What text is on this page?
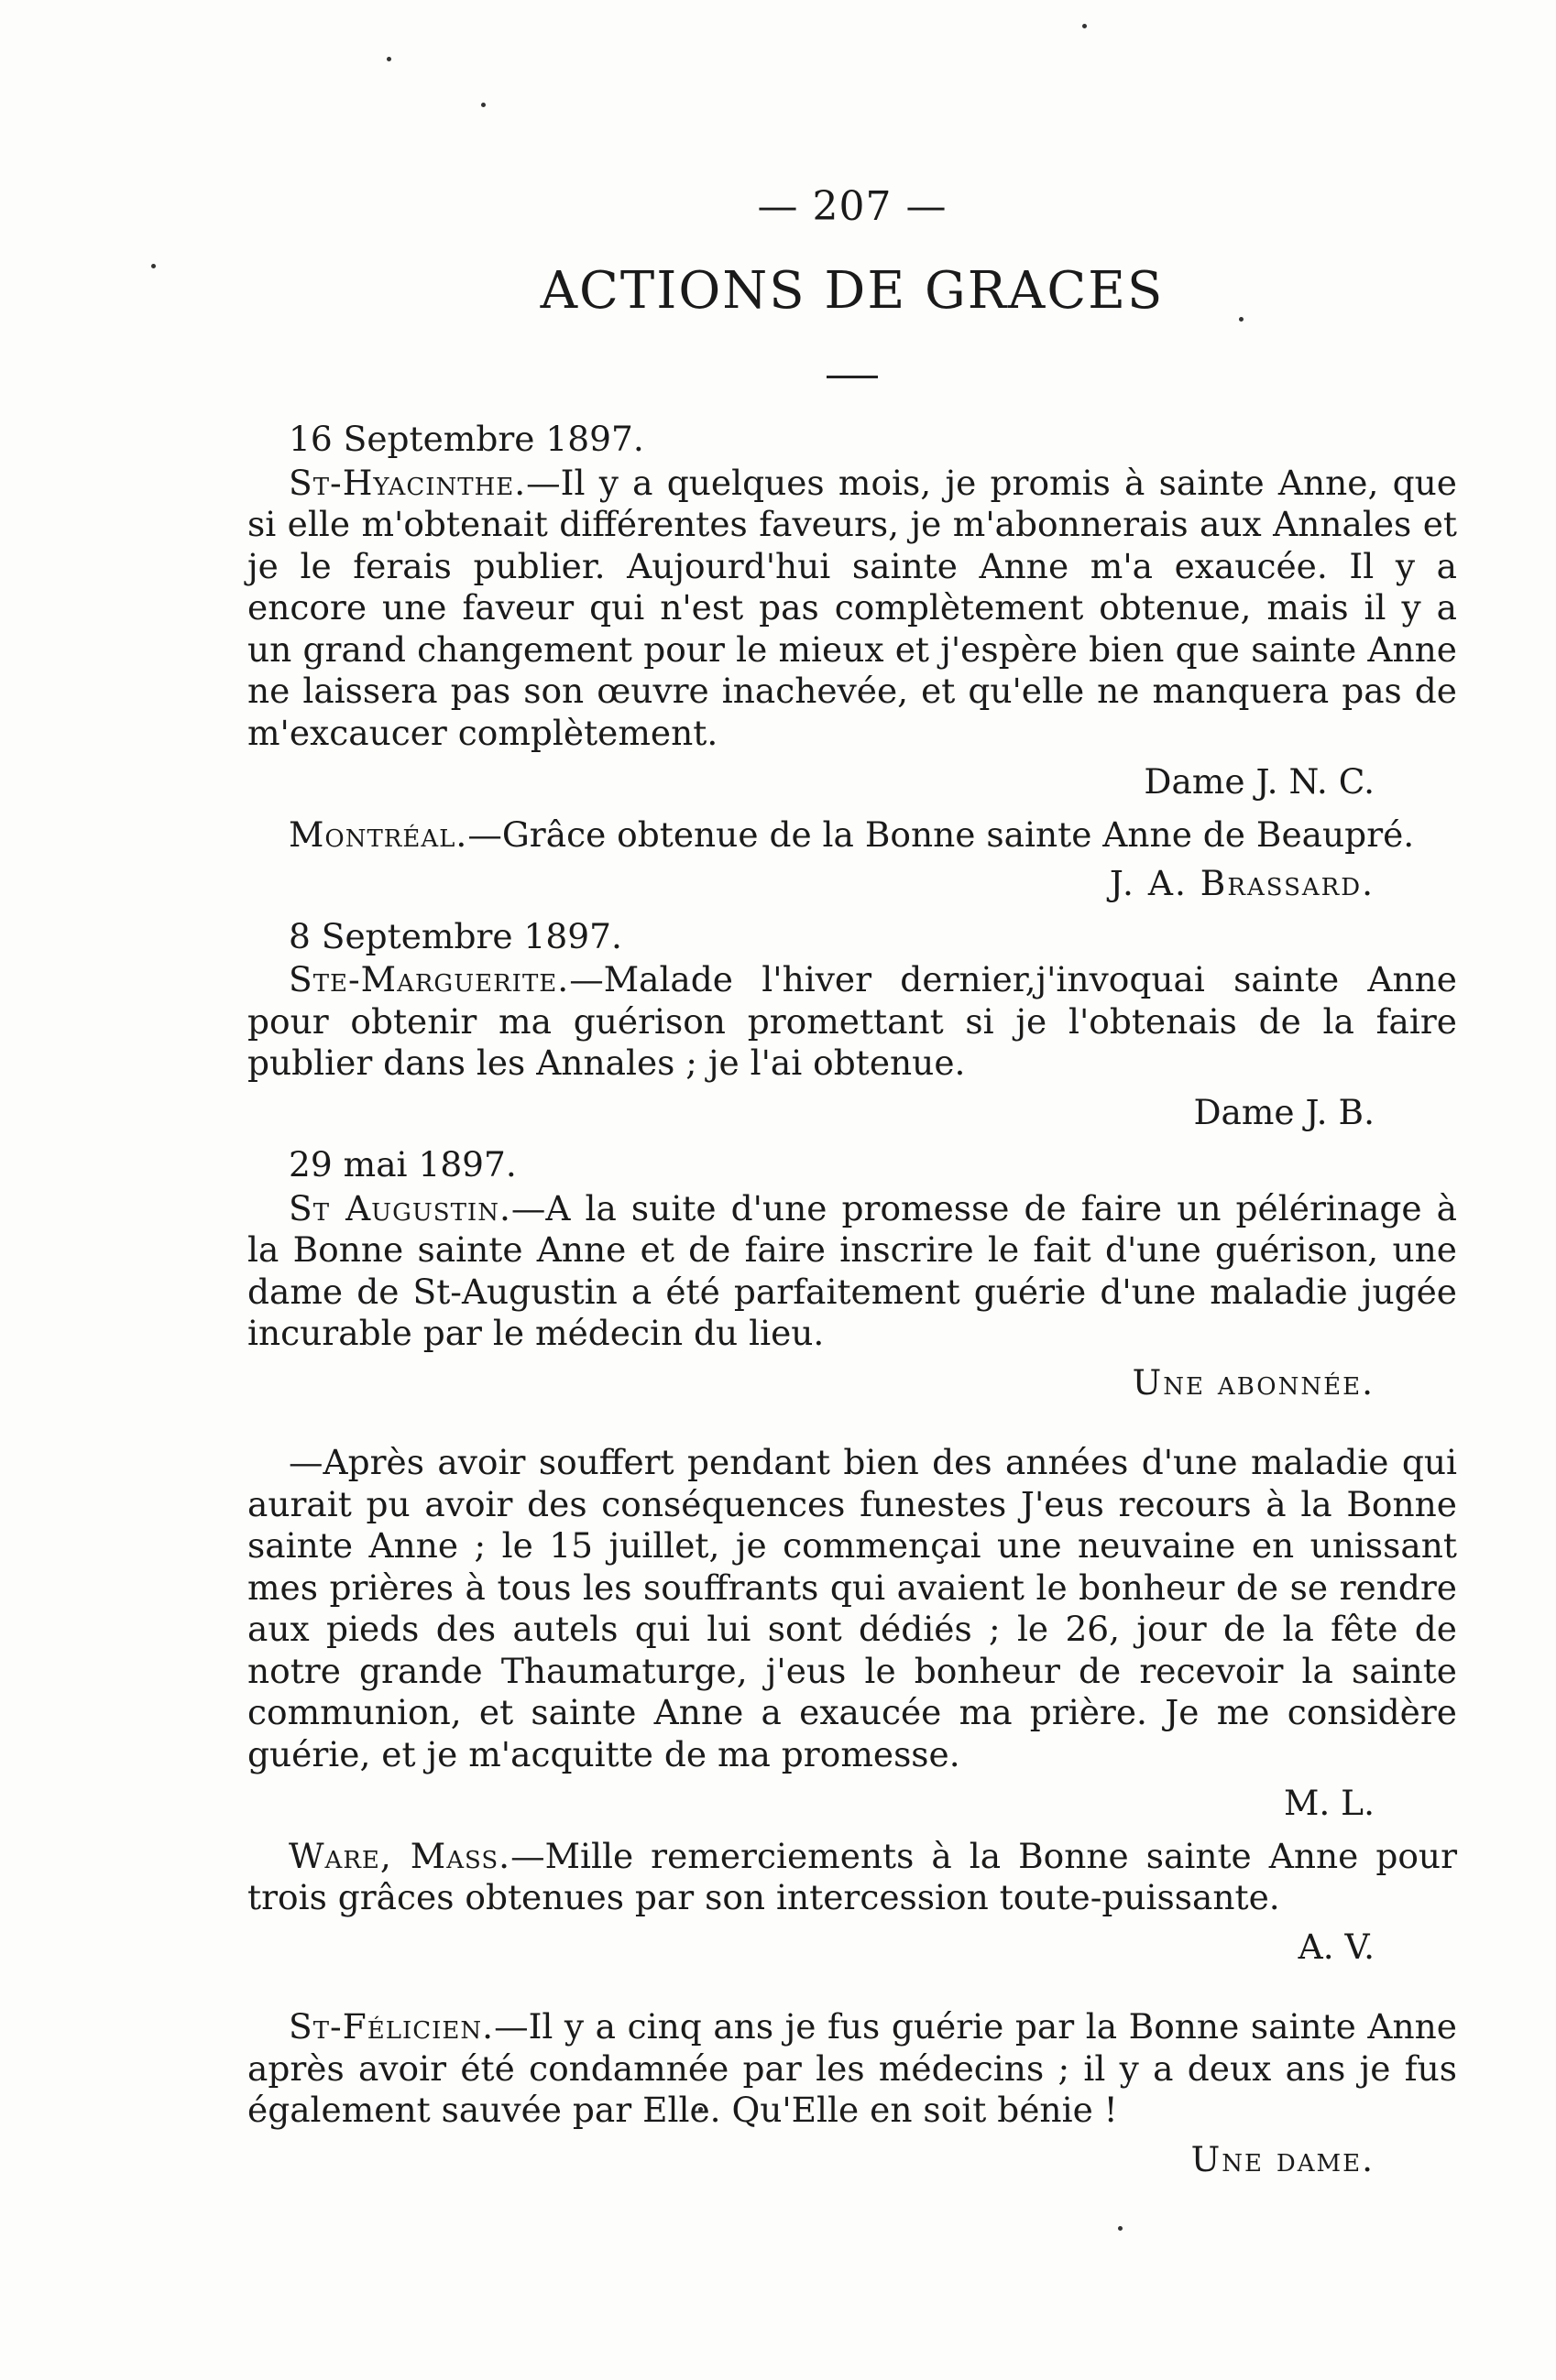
— 207 —
ACTIONS DE GRACES

16 Septembre 1897.

St-Hyacinthe.—Il y a quelques mois, je promis à sainte Anne, que si elle m'obtenait différentes faveurs, je m'abonnerais aux Annales et je le ferais publier. Aujourd'hui sainte Anne m'a exaucée. Il y a encore une faveur qui n'est pas complètement obtenue, mais il y a un grand changement pour le mieux et j'espère bien que sainte Anne ne laissera pas son œuvre inachevée, et qu'elle ne manquera pas de m'excaucer complètement.

Dame J. N. C.

Montréal.—Grâce obtenue de la Bonne sainte Anne de Beaupré.

J. A. Brassard.

8 Septembre 1897.

Ste-Marguerite.—Malade l'hiver dernier,j'invoquai sainte Anne pour obtenir ma guérison promettant si je l'obtenais de la faire publier dans les Annales ; je l'ai obtenue.

Dame J. B.

29 mai 1897.

St Augustin.—A la suite d'une promesse de faire un pélérinage à la Bonne sainte Anne et de faire inscrire le fait d'une guérison, une dame de St-Augustin a été parfaitement guérie d'une maladie jugée incurable par le médecin du lieu.

Une abonnée.

—Après avoir souffert pendant bien des années d'une maladie qui aurait pu avoir des conséquences funestes J'eus recours à la Bonne sainte Anne ; le 15 juillet, je commençai une neuvaine en unissant mes prières à tous les souffrants qui avaient le bonheur de se rendre aux pieds des autels qui lui sont dédiés ; le 26, jour de la fête de notre grande Thaumaturge, j'eus le bonheur de recevoir la sainte communion, et sainte Anne a exaucée ma prière. Je me considère guérie, et je m'acquitte de ma promesse.

M. L.

Ware, Mass.—Mille remerciements à la Bonne sainte Anne pour trois grâces obtenues par son intercession toute-puissante.

A. V.

St-Félicien.—Il y a cinq ans je fus guérie par la Bonne sainte Anne après avoir été condamnée par les médecins ; il y a deux ans je fus également sauvée par Elle. Qu'Elle en soit bénie !

Une dame.
